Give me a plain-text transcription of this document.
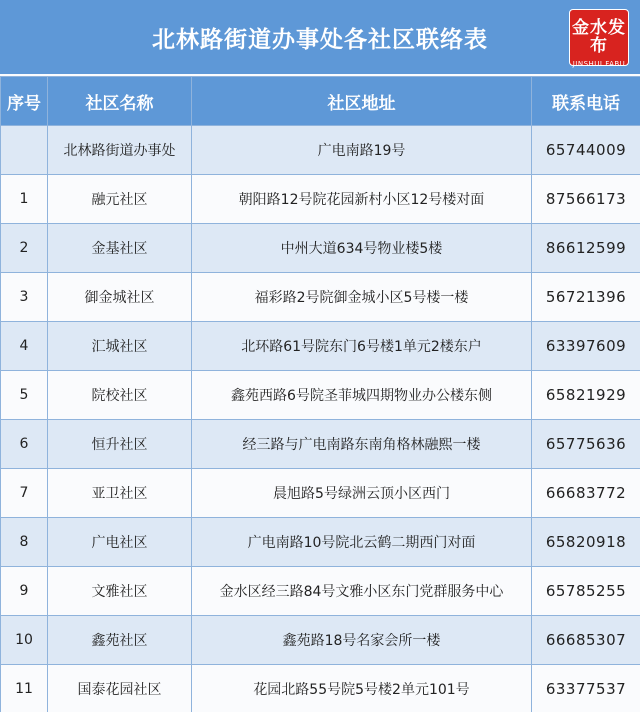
北林路街道办事处各社区联络表	金水发布
JINSHUI FABU
序号	社区名称	社区地址	联系电话
	北林路街道办事处	广电南路19号	65744009
1	融元社区	朝阳路12号院花园新村小区12号楼对面	87566173
2	金基社区	中州大道634号物业楼5楼	86612599
3	御金城社区	福彩路2号院御金城小区5号楼一楼	56721396
4	汇城社区	北环路61号院东门6号楼1单元2楼东户	63397609
5	院校社区	鑫苑西路6号院圣菲城四期物业办公楼东侧	65821929
6	恒升社区	经三路与广电南路东南角格林融熙一楼	65775636
7	亚卫社区	晨旭路5号绿洲云顶小区西门	66683772
8	广电社区	广电南路10号院北云鹤二期西门对面	65820918
9	文雅社区	金水区经三路84号文雅小区东门党群服务中心	65785255
10	鑫苑社区	鑫苑路18号名家会所一楼	66685307
11	国泰花园社区	花园北路55号院5号楼2单元101号	63377537
